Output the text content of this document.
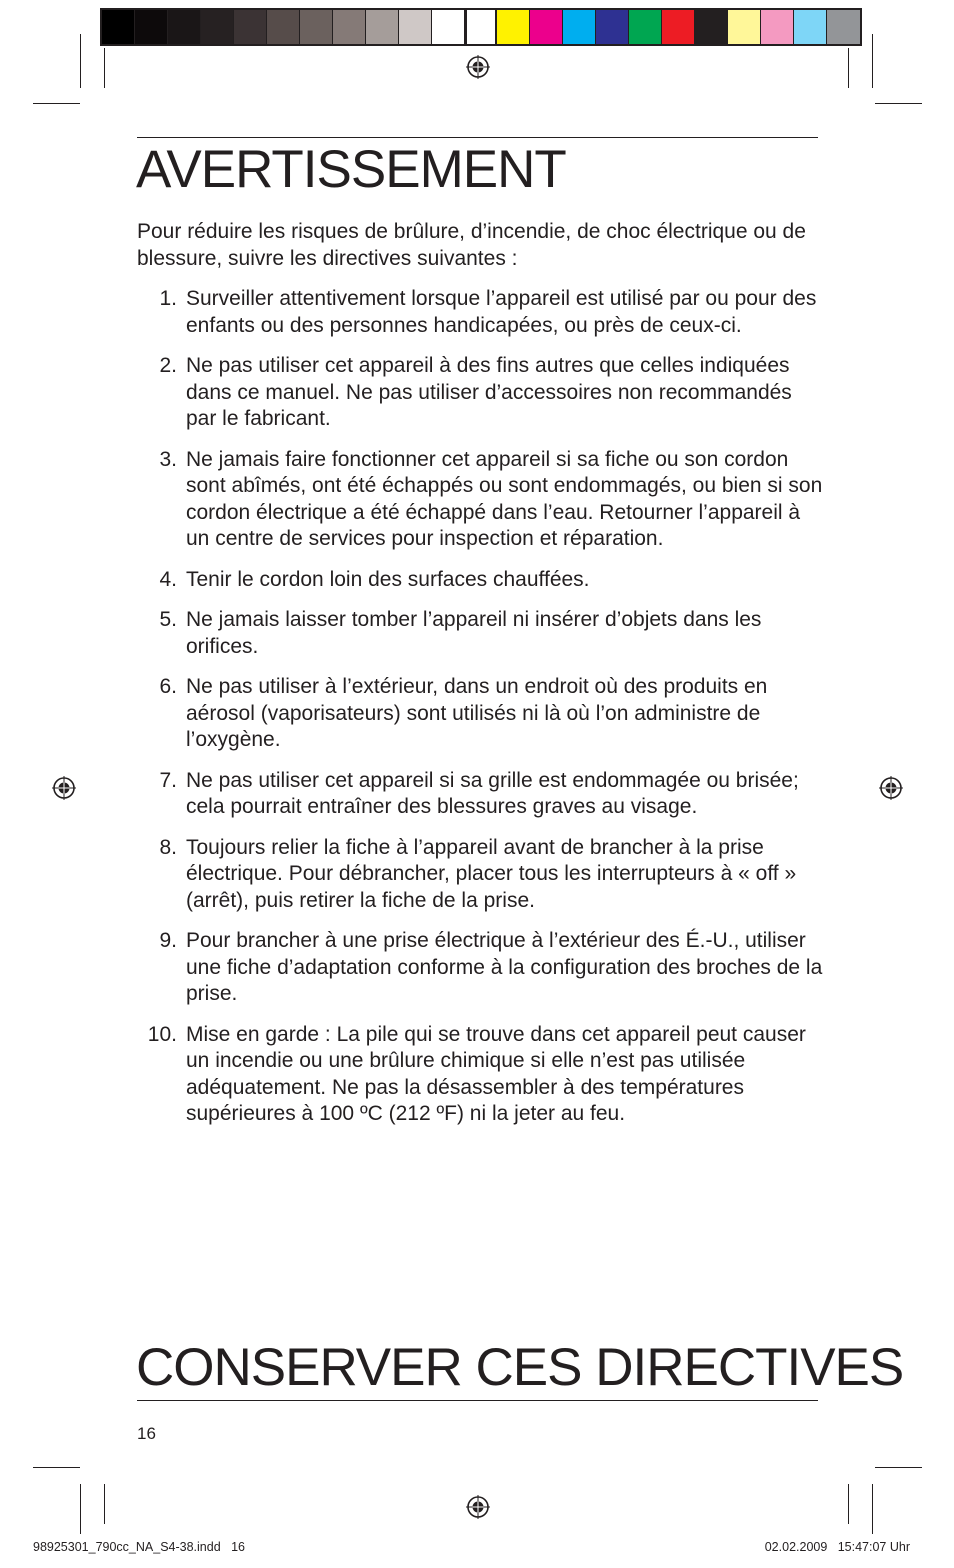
AVERTISSEMENT

Pour réduire les risques de brûlure, d’incendie, de choc électrique ou de blessure, suivre les directives suivantes :

1. Surveiller attentivement lorsque l’appareil est utilisé par ou pour des enfants ou des personnes handicapées, ou près de ceux-ci.
2. Ne pas utiliser cet appareil à des fins autres que celles indiquées dans ce manuel. Ne pas utiliser d’accessoires non recommandés par le fabricant.
3. Ne jamais faire fonctionner cet appareil si sa fiche ou son cordon sont abîmés, ont été échappés ou sont endommagés, ou bien si son cordon électrique a été échappé dans l’eau. Retourner l’appareil à un centre de services pour inspection et réparation.
4. Tenir le cordon loin des surfaces chauffées.
5. Ne jamais laisser tomber l’appareil ni insérer d’objets dans les orifices.
6. Ne pas utiliser à l’extérieur, dans un endroit où des produits en aérosol (vaporisateurs) sont utilisés ni là où l’on administre de l’oxygène.
7. Ne pas utiliser cet appareil si sa grille est endommagée ou brisée; cela pourrait entraîner des blessures graves au visage.
8. Toujours relier la fiche à l’appareil avant de brancher à la prise électrique. Pour débrancher, placer tous les interrupteurs à « off » (arrêt), puis retirer la fiche de la prise.
9. Pour brancher à une prise électrique à l’extérieur des É.-U., utiliser une fiche d’adaptation conforme à la configuration des broches de la prise.
10. Mise en garde : La pile qui se trouve dans cet appareil peut causer un incendie ou une brûlure chimique si elle n’est pas utilisée adéquatement. Ne pas la désassembler à des températures supérieures à 100 ºC (212 ºF) ni la jeter au feu.
CONSERVER CES DIRECTIVES
16
98925301_790cc_NA_S4-38.indd   16	02.02.2009   15:47:07 Uhr
